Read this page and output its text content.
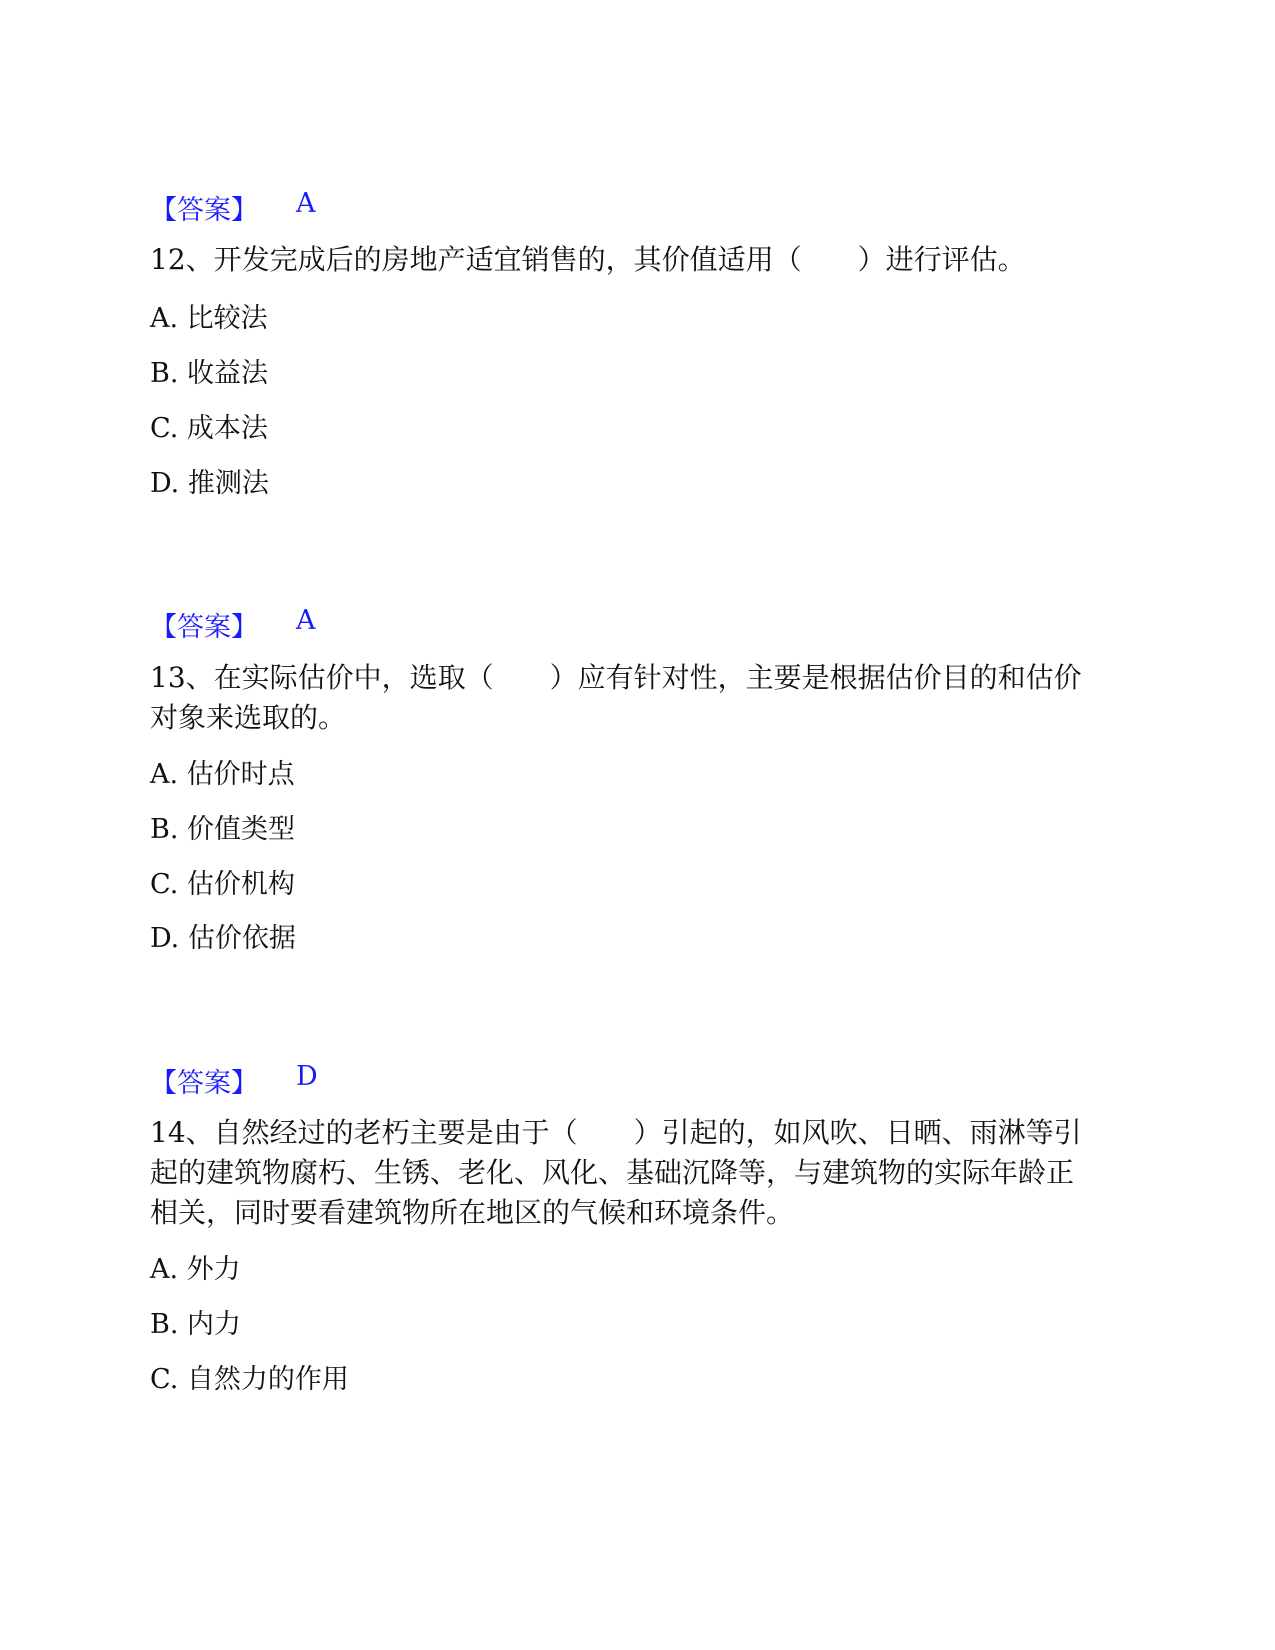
【答案】 A
12、开发完成后的房地产适宜销售的，其价值适用（　　）进行评估。
A. 比较法
B. 收益法
C. 成本法
D. 推测法
【答案】 A
13、在实际估价中，选取（　　）应有针对性，主要是根据估价目的和估价
对象来选取的。
A. 估价时点
B. 价值类型
C. 估价机构
D. 估价依据
【答案】 D
14、自然经过的老朽主要是由于（　　）引起的，如风吹、日晒、雨淋等引
起的建筑物腐朽、生锈、老化、风化、基础沉降等，与建筑物的实际年龄正
相关，同时要看建筑物所在地区的气候和环境条件。
A. 外力
B. 内力
C. 自然力的作用
